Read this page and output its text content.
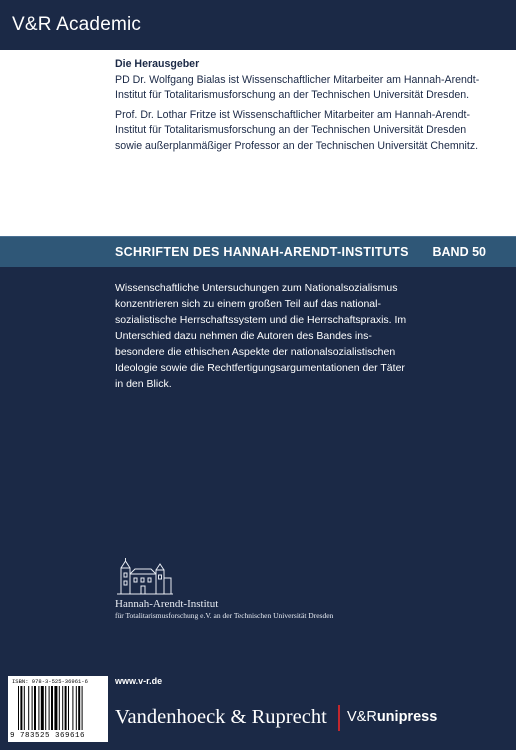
V&R Academic
Die Herausgeber

PD Dr. Wolfgang Bialas ist Wissenschaftlicher Mitarbeiter am Hannah-Arendt-Institut für Totalitarismusforschung an der Technischen Universität Dresden.

Prof. Dr. Lothar Fritze ist Wissenschaftlicher Mitarbeiter am Hannah-Arendt-Institut für Totalitarismusforschung an der Technischen Universität Dresden sowie außerplanmäßiger Professor an der Technischen Universität Chemnitz.

SCHRIFTEN DES HANNAH-ARENDT-INSTITUTS BAND 50
Wissenschaftliche Untersuchungen zum Nationalsozialismus konzentrieren sich zu einem großen Teil auf das national-sozialistische Herrschaftssystem und die Herrschaftspraxis. Im Unterschied dazu nehmen die Autoren des Bandes ins-besondere die ethischen Aspekte der nationalsozialistischen Ideologie sowie die Rechtfertigungsargumentationen der Täter in den Blick.
Hannah-Arendt-Institut
für Totalitarismusforschung e.V. an der Technischen Universität Dresden
www.v-r.de
ISBN: 978-3-525-36961-6
9 783525 369616
Vandenhoeck & Ruprecht V&Runipress
